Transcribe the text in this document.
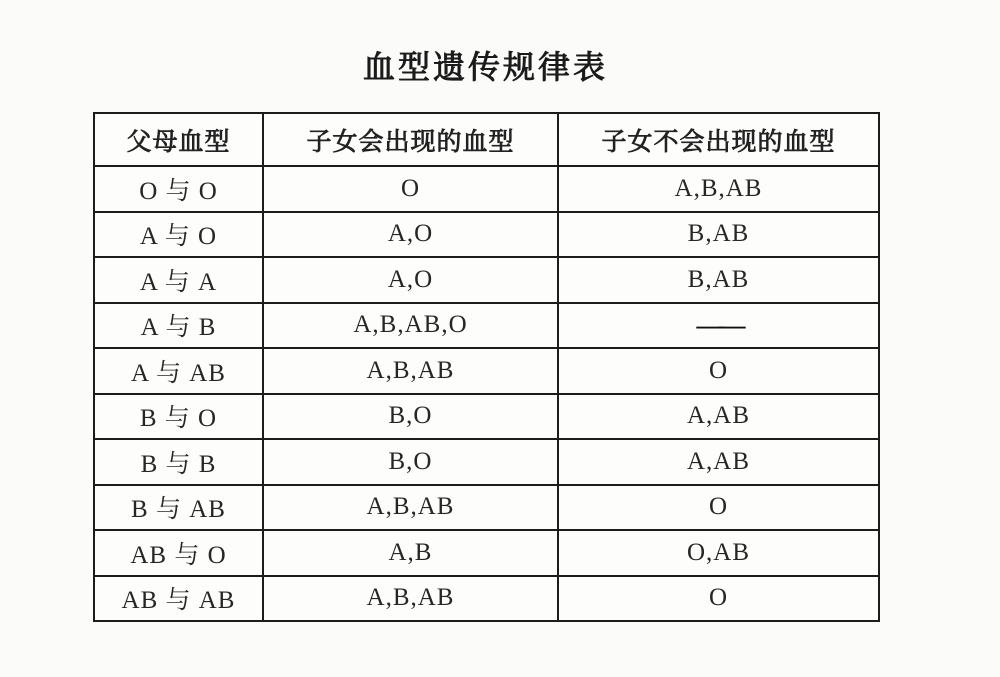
血型遗传规律表
父母血型	子女会出现的血型	子女不会出现的血型
O 与 O	O	A,B,AB
A 与 O	A,O	B,AB
A 与 A	A,O	B,AB
A 与 B	A,B,AB,O	——
A 与 AB	A,B,AB	O
B 与 O	B,O	A,AB
B 与 B	B,O	A,AB
B 与 AB	A,B,AB	O
AB 与 O	A,B	O,AB
AB 与 AB	A,B,AB	O
